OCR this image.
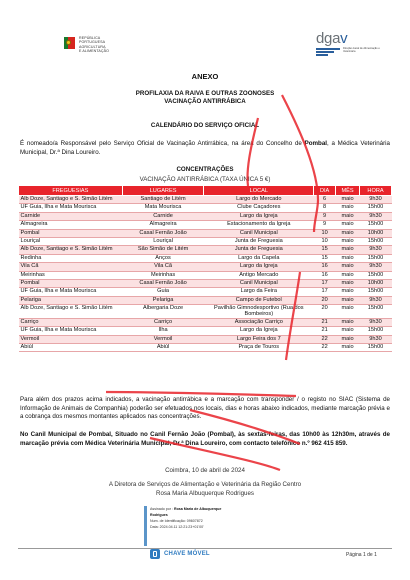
REPÚBLICA
PORTUGUESA
AGRICULTURA
E ALIMENTAÇÃO
dgav
Direção-Geral de Alimentação e Veterinária
ANEXO
PROFILAXIA DA RAIVA E OUTRAS ZOONOSES
VACINAÇÃO ANTIRRÁBICA
CALENDÁRIO DO SERVIÇO OFICIAL
É nomeado/a Responsável pelo Serviço Oficial de Vacinação Antirrábica, na área do Concelho de Pombal, a Médica Veterinária Municipal, Dr.ª Dina Loureiro.
CONCENTRAÇÕES
VACINAÇÃO ANTIRRÁBICA (TAXA ÚNICA 5 €)
FREGUESIAS	LUGARES	LOCAL	DIA	MÊS	HORA
Alb Doze, Santiago e S. Simão Litém	Santiago de Litém	Largo do Mercado	6	maio	9h30
UF Guia, Ilha e Mata Mourisca	Mata Mourisca	Clube Caçadores	8	maio	15h00
Carnide	Carnide	Largo da Igreja	9	maio	9h30
Almagreira	Almagreira	Estacionamento da Igreja	9	maio	15h00
Pombal	Casal Fernão João	Canil Municipal	10	maio	10h00
Louriçal	Louriçal	Junta de Freguesia	10	maio	15h00
Alb Doze, Santiago e S. Simão Litém	São Simão de Litém	Junta de Freguesia	15	maio	9h30
Redinha	Anços	Largo da Capela	15	maio	15h00
Vila Cã	Vila Cã	Largo da Igreja	16	maio	9h30
Meirinhas	Meirinhas	Antigo Mercado	16	maio	15h00
Pombal	Casal Fernão João	Canil Municipal	17	maio	10h00
UF Guia, Ilha e Mata Mourisca	Guia	Largo da Feira	17	maio	15h00
Pelariga	Pelariga	Campo de Futebol	20	maio	9h30
Alb Doze, Santiago e S. Simão Litém	Albergaria Doze	Pavilhão Gimnodesportivo (Rua dos Bombeiros)	20	maio	15h00
Carriço	Carriço	Associação Carriço	21	maio	9h30
UF Guia, Ilha e Mata Mourisca	Ilha	Largo da Igreja	21	maio	15h00
Vermoil	Vermoil	Largo Feira dos 7	22	maio	9h30
Abiúl	Abiúl	Praça de Touros	22	maio	15h00
Para além dos prazos acima indicados, a vacinação antirrábica e a marcação com transponder / o registo no SIAC (Sistema de Informação de Animais de Companhia) poderão ser efetuados nos locais, dias e horas abaixo indicados, mediante marcação prévia e a cobrança dos mesmos montantes aplicados nas concentrações.
No Canil Municipal de Pombal, Situado no Canil Fernão João (Pombal), às sextas-feiras, das 10h00 às 12h30m, através de marcação prévia com Médica Veterinária Municipal, Dr.ª Dina Loureiro, com contacto telefónico n.º 962 415 859.
Coimbra, 10 de abril de 2024
A Diretora de Serviços de Alimentação e Veterinária da Região Centro
Rosa Maria Albuquerque Rodrigues
Assinado por : Rosa Maria de Albuquerque
Rodrigues
Num. de Identificação: 09607872
Data: 2024.04.11 12:21:23+01'00'
CHAVE MÓVEL	Página 1 de 1
